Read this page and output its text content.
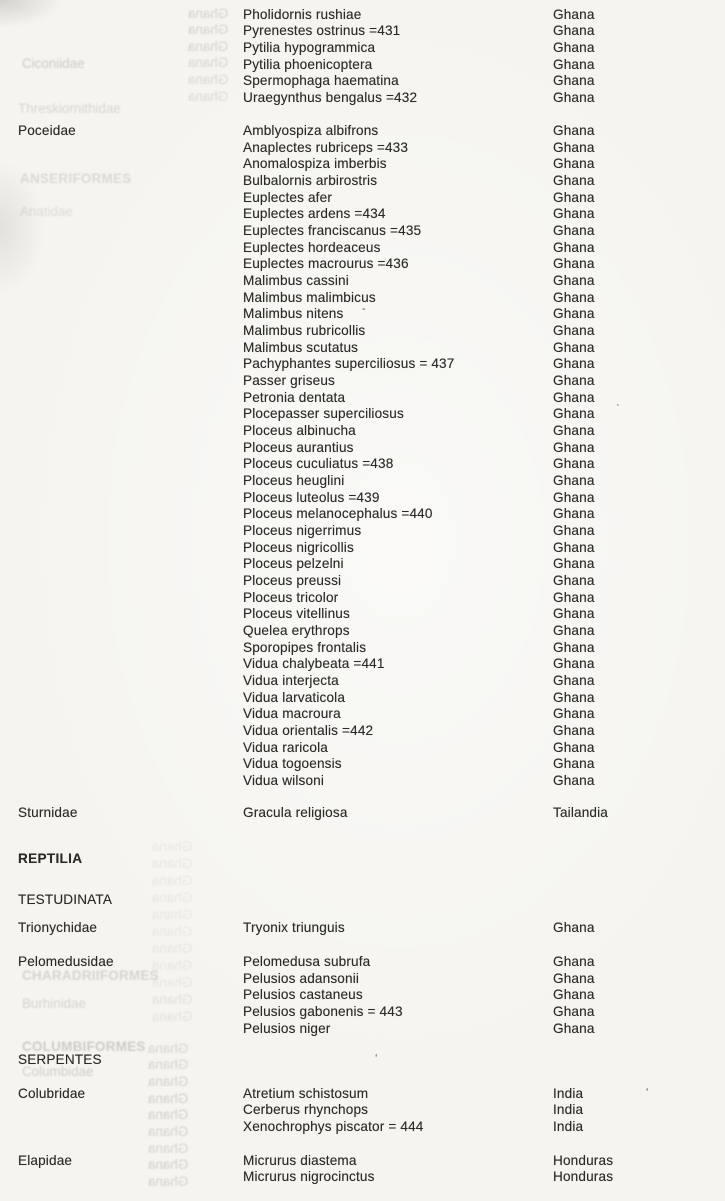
Ciconiidae
Threskiornithidae
ANSERIFORMES
Anatidae
CHARADRIIFORMES
Burhinidae
COLUMBIFORMES
Columbidae
Ghana
Ghana
Ghana
Ghana
Ghana
Ghana
Ghana
Ghana
Ghana
Ghana
Ghana
Ghana
Ghana
Ghana
Ghana
Ghana
Ghana
Ghana
Ghana
Ghana
Ghana
Ghana
Ghana
Ghana
Ghana
Ghana
Pholidornis rushiae	Ghana
Pyrenestes ostrinus =431	Ghana
Pytilia hypogrammica	Ghana
Pytilia phoenicoptera	Ghana
Spermophaga haematina	Ghana
Uraegynthus bengalus =432	Ghana
Poceidae	Amblyospiza albifrons	Ghana
Anaplectes rubriceps =433	Ghana
Anomalospiza imberbis	Ghana
Bulbalornis arbirostris	Ghana
Euplectes afer	Ghana
Euplectes ardens =434	Ghana
Euplectes franciscanus =435	Ghana
Euplectes hordeaceus	Ghana
Euplectes macrourus =436	Ghana
Malimbus cassini	Ghana
Malimbus malimbicus	Ghana
Malimbus nitens	Ghana
Malimbus rubricollis	Ghana
Malimbus scutatus	Ghana
Pachyphantes superciliosus = 437	Ghana
Passer griseus	Ghana
Petronia dentata	Ghana
Plocepasser superciliosus	Ghana
Ploceus albinucha	Ghana
Ploceus aurantius	Ghana
Ploceus cuculiatus =438	Ghana
Ploceus heuglini	Ghana
Ploceus luteolus =439	Ghana
Ploceus melanocephalus =440	Ghana
Ploceus nigerrimus	Ghana
Ploceus nigricollis	Ghana
Ploceus pelzelni	Ghana
Ploceus preussi	Ghana
Ploceus tricolor	Ghana
Ploceus vitellinus	Ghana
Quelea erythrops	Ghana
Sporopipes frontalis	Ghana
Vidua chalybeata =441	Ghana
Vidua interjecta	Ghana
Vidua larvaticola	Ghana
Vidua macroura	Ghana
Vidua orientalis =442	Ghana
Vidua raricola	Ghana
Vidua togoensis	Ghana
Vidua wilsoni	Ghana
Sturnidae	Gracula religiosa	Tailandia
REPTILIA
TESTUDINATA
Trionychidae	Tryonix triunguis	Ghana
Pelomedusidae	Pelomedusa subrufa	Ghana
Pelusios adansonii	Ghana
Pelusios castaneus	Ghana
Pelusios gabonenis = 443	Ghana
Pelusios niger	Ghana
SERPENTES
Colubridae	Atretium schistosum	India
Cerberus rhynchops	India
Xenochrophys piscator = 444	India
Elapidae	Micrurus diastema	Honduras
Micrurus nigrocinctus	Honduras
-
·
ʻ
ʻ
